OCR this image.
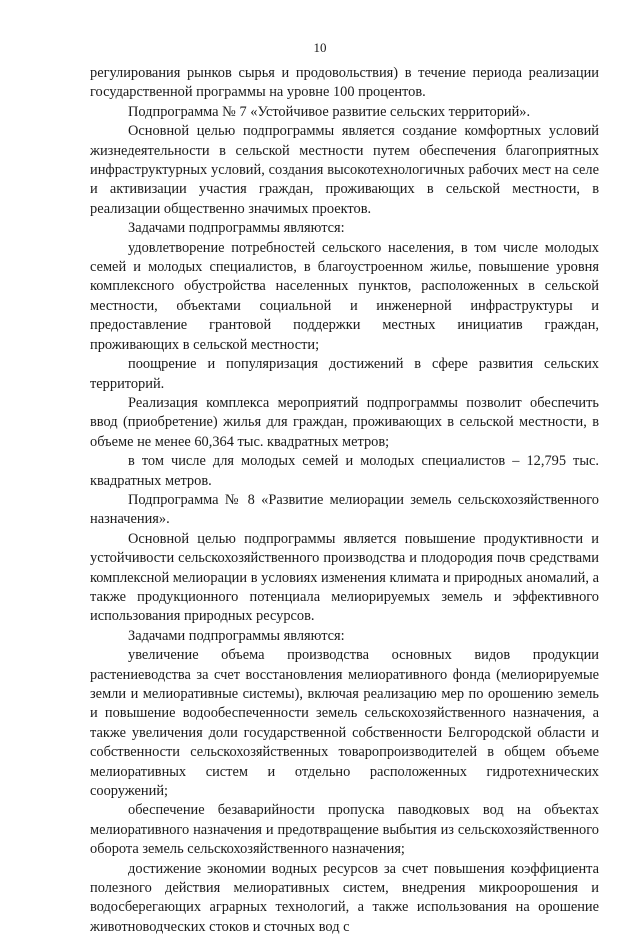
10

регулирования рынков сырья и продовольствия) в течение периода реализации государственной программы на уровне 100 процентов.

Подпрограмма № 7 «Устойчивое развитие сельских территорий».

Основной целью подпрограммы является создание комфортных условий жизнедеятельности в сельской местности путем обеспечения благоприятных инфраструктурных условий, создания высокотехнологичных рабочих мест на селе и активизации участия граждан, проживающих в сельской местности, в реализации общественно значимых проектов.

Задачами подпрограммы являются:

удовлетворение потребностей сельского населения, в том числе молодых семей и молодых специалистов, в благоустроенном жилье, повышение уровня комплексного обустройства населенных пунктов, расположенных в сельской местности, объектами социальной и инженерной инфраструктуры и предоставление грантовой поддержки местных инициатив граждан, проживающих в сельской местности;

поощрение и популяризация достижений в сфере развития сельских территорий.

Реализация комплекса мероприятий подпрограммы позволит обеспечить ввод (приобретение) жилья для граждан, проживающих в сельской местности, в объеме не менее 60,364 тыс. квадратных метров;

в том числе для молодых семей и молодых специалистов – 12,795 тыс. квадратных метров.

Подпрограмма № 8 «Развитие мелиорации земель сельскохозяйственного назначения».

Основной целью подпрограммы является повышение продуктивности и устойчивости сельскохозяйственного производства и плодородия почв средствами комплексной мелиорации в условиях изменения климата и природных аномалий, а также продукционного потенциала мелиорируемых земель и эффективного использования природных ресурсов.

Задачами подпрограммы являются:

увеличение объема производства основных видов продукции растениеводства за счет восстановления мелиоративного фонда (мелиорируемые земли и мелиоративные системы), включая реализацию мер по орошению земель и повышение водообеспеченности земель сельскохозяйственного назначения, а также увеличения доли государственной собственности Белгородской области и собственности сельскохозяйственных товаропроизводителей в общем объеме мелиоративных систем и отдельно расположенных гидротехнических сооружений;

обеспечение безаварийности пропуска паводковых вод на объектах мелиоративного назначения и предотвращение выбытия из сельскохозяйственного оборота земель сельскохозяйственного назначения;

достижение экономии водных ресурсов за счет повышения коэффициента полезного действия мелиоративных систем, внедрения микроорошения и водосберегающих аграрных технологий, а также использования на орошение животноводческих стоков и сточных вод с
